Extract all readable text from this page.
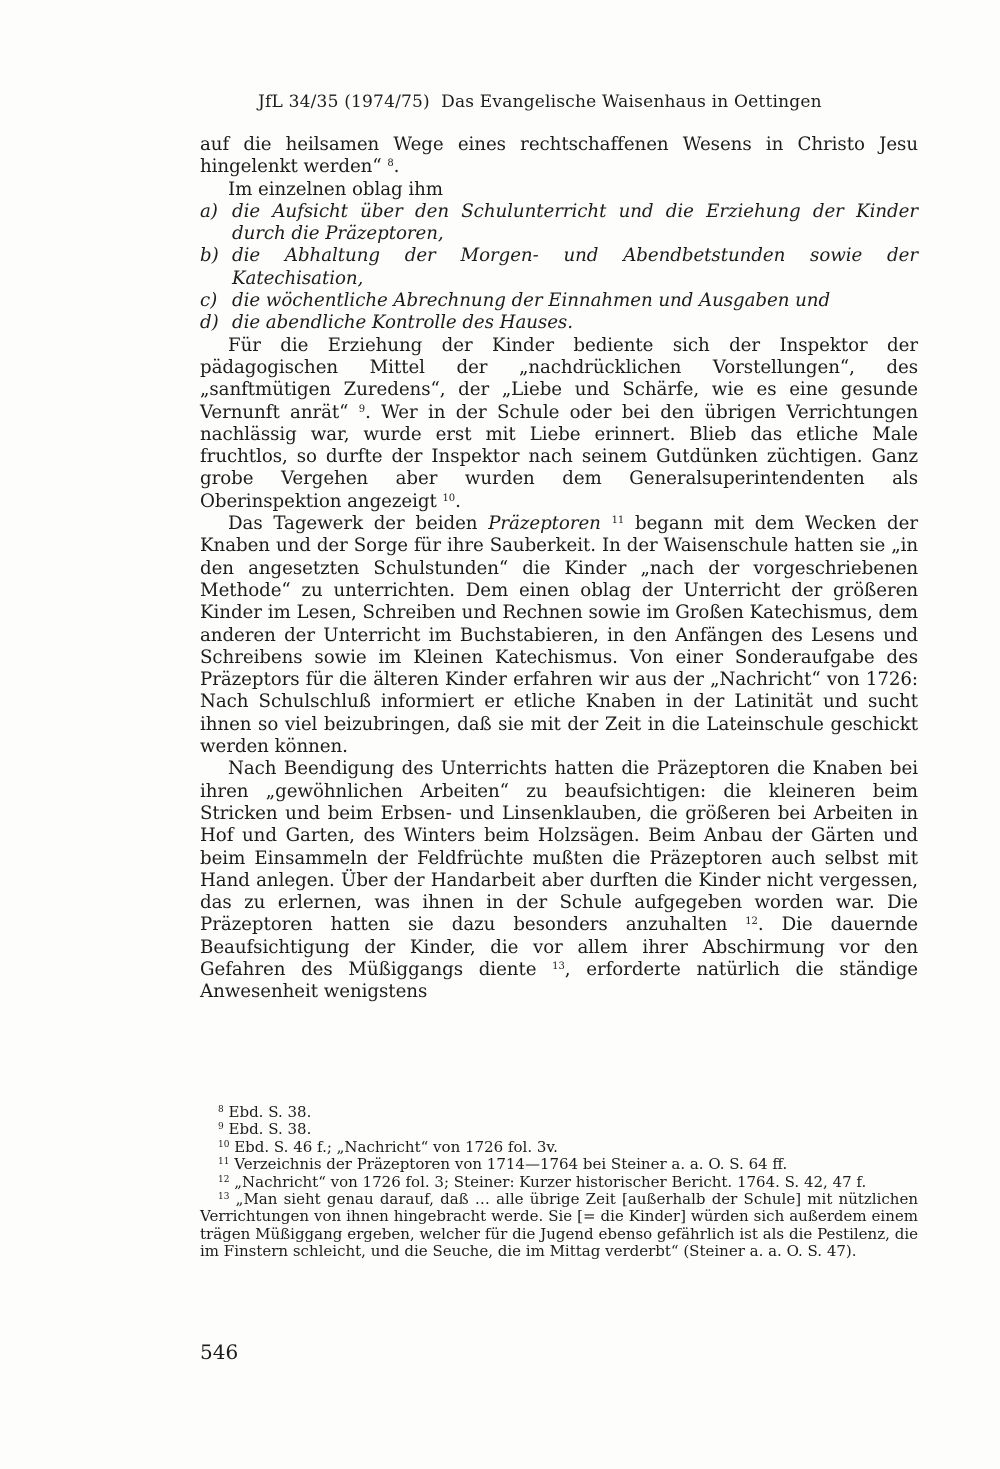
JfL 34/35 (1974/75) Das Evangelische Waisenhaus in Oettingen

auf die heilsamen Wege eines rechtschaffenen Wesens in Christo Jesu hingelenkt werden“ $^8$.

Im einzelnen oblag ihm

a) die Aufsicht über den Schulunterricht und die Erziehung der Kinder durch die Präzeptoren,
b) die Abhaltung der Morgen- und Abendbetstunden sowie der Katechisation,
c) die wöchentliche Abrechnung der Einnahmen und Ausgaben und
d) die abendliche Kontrolle des Hauses.

Für die Erziehung der Kinder bediente sich der Inspektor der pädagogischen Mittel der „nachdrücklichen Vorstellungen“, des „sanftmütigen Zuredens“, der „Liebe und Schärfe, wie es eine gesunde Vernunft anrät“ $^9$. Wer in der Schule oder bei den übrigen Verrichtungen nachlässig war, wurde erst mit Liebe erinnert. Blieb das etliche Male fruchtlos, so durfte der Inspektor nach seinem Gutdünken züchtigen. Ganz grobe Vergehen aber wurden dem Generalsuperintendenten als Oberinspektion angezeigt $^{10}$.

Das Tagewerk der beiden Präzeptoren $^{11}$ begann mit dem Wecken der Knaben und der Sorge für ihre Sauberkeit. In der Waisenschule hatten sie „in den angesetzten Schulstunden“ die Kinder „nach der vorgeschriebenen Methode“ zu unterrichten. Dem einen oblag der Unterricht der größeren Kinder im Lesen, Schreiben und Rechnen sowie im Großen Katechismus, dem anderen der Unterricht im Buchstabieren, in den Anfängen des Lesens und Schreibens sowie im Kleinen Katechismus. Von einer Sonderaufgabe des Präzeptors für die älteren Kinder erfahren wir aus der „Nachricht“ von 1726: Nach Schulschluß informiert er etliche Knaben in der Latinität und sucht ihnen so viel beizubringen, daß sie mit der Zeit in die Lateinschule geschickt werden können.

Nach Beendigung des Unterrichts hatten die Präzeptoren die Knaben bei ihren „gewöhnlichen Arbeiten“ zu beaufsichtigen: die kleineren beim Stricken und beim Erbsen- und Linsenklauben, die größeren bei Arbeiten in Hof und Garten, des Winters beim Holzsägen. Beim Anbau der Gärten und beim Einsammeln der Feldfrüchte mußten die Präzeptoren auch selbst mit Hand anlegen. Über der Handarbeit aber durften die Kinder nicht vergessen, das zu erlernen, was ihnen in der Schule aufgegeben worden war. Die Präzeptoren hatten sie dazu besonders anzuhalten $^{12}$. Die dauernde Beaufsichtigung der Kinder, die vor allem ihrer Abschirmung vor den Gefahren des Müßiggangs diente $^{13}$, erforderte natürlich die ständige Anwesenheit wenigstens

$^8$ Ebd. S. 38.

$^9$ Ebd. S. 38.

$^{10}$ Ebd. S. 46 f.; „Nachricht“ von 1726 fol. 3v.

$^{11}$ Verzeichnis der Präzeptoren von 1714—1764 bei Steiner a. a. O. S. 64 ff.

$^{12}$ „Nachricht“ von 1726 fol. 3; Steiner: Kurzer historischer Bericht. 1764. S. 42, 47 f.

$^{13}$ „Man sieht genau darauf, daß … alle übrige Zeit [außerhalb der Schule] mit nützlichen Verrichtungen von ihnen hingebracht werde. Sie [= die Kinder] würden sich außerdem einem trägen Müßiggang ergeben, welcher für die Jugend ebenso gefährlich ist als die Pestilenz, die im Finstern schleicht, und die Seuche, die im Mittag verderbt“ (Steiner a. a. O. S. 47).

546
